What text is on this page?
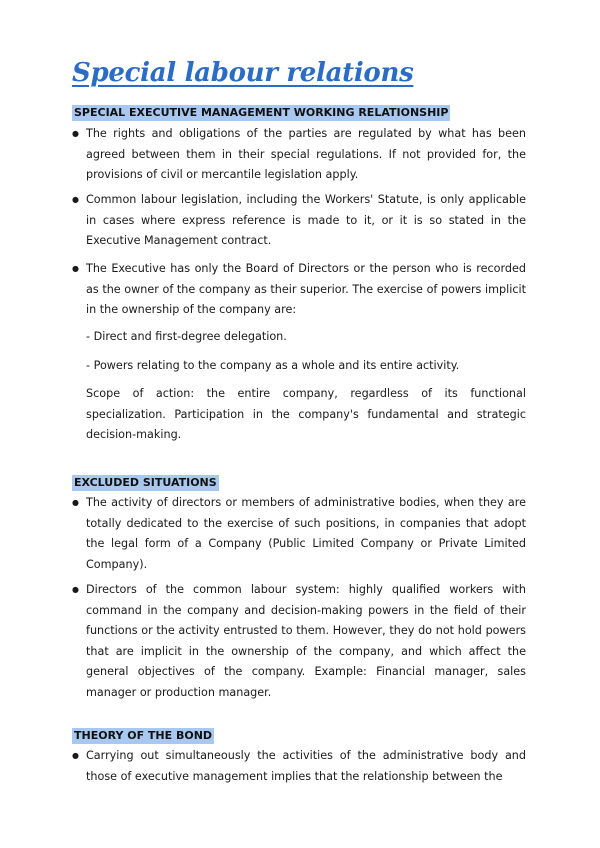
Special labour relations
SPECIAL EXECUTIVE MANAGEMENT WORKING RELATIONSHIP
● The rights and obligations of the parties are regulated by what has been agreed between them in their special regulations. If not provided for, the provisions of civil or mercantile legislation apply.
● Common labour legislation, including the Workers' Statute, is only applicable in cases where express reference is made to it, or it is so stated in the Executive Management contract.
● The Executive has only the Board of Directors or the person who is recorded as the owner of the company as their superior. The exercise of powers implicit in the ownership of the company are:
- Direct and first-degree delegation.
- Powers relating to the company as a whole and its entire activity.
Scope of action: the entire company, regardless of its functional specialization. Participation in the company's fundamental and strategic decision-making.
EXCLUDED SITUATIONS
● The activity of directors or members of administrative bodies, when they are totally dedicated to the exercise of such positions, in companies that adopt the legal form of a Company (Public Limited Company or Private Limited Company).
● Directors of the common labour system: highly qualified workers with command in the company and decision-making powers in the field of their functions or the activity entrusted to them. However, they do not hold powers that are implicit in the ownership of the company, and which affect the general objectives of the company. Example: Financial manager, sales manager or production manager.
THEORY OF THE BOND
● Carrying out simultaneously the activities of the administrative body and those of executive management implies that the relationship between the
